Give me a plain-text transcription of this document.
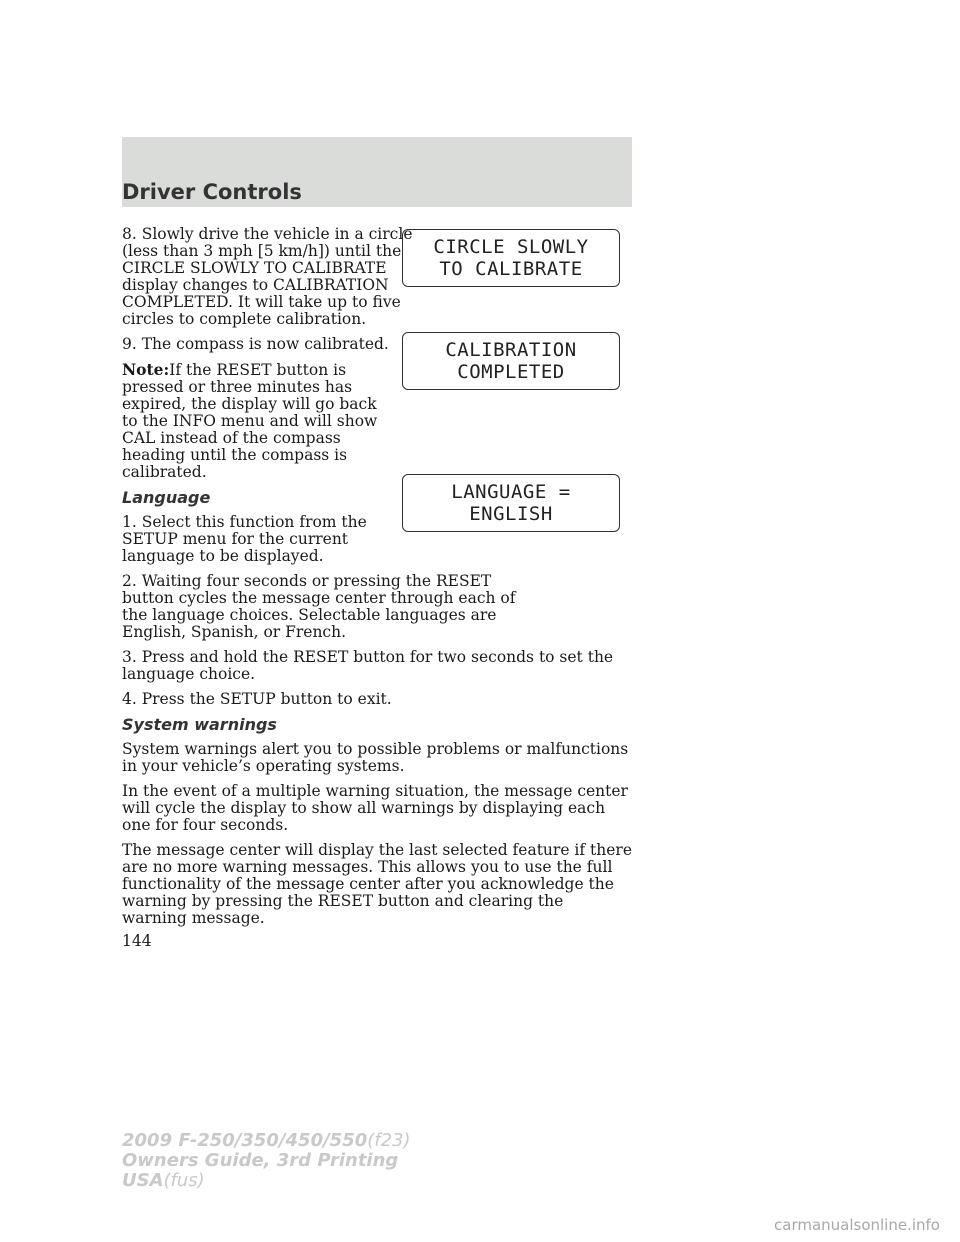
Driver Controls
CIRCLE SLOWLY
TO CALIBRATE
CALIBRATION
COMPLETED
LANGUAGE =
ENGLISH

8. Slowly drive the vehicle in a circle (less than 3 mph [5 km/h]) until the CIRCLE SLOWLY TO CALIBRATE display changes to CALIBRATION COMPLETED. It will take up to five circles to complete calibration.

9. The compass is now calibrated.

Note:If the RESET button is pressed or three minutes has expired, the display will go back to the INFO menu and will show CAL instead of the compass heading until the compass is calibrated.

Language

1. Select this function from the SETUP menu for the current language to be displayed.

2. Waiting four seconds or pressing the RESET button cycles the message center through each of the language choices. Selectable languages are English, Spanish, or French.

3. Press and hold the RESET button for two seconds to set the language choice.

4. Press the SETUP button to exit.

System warnings

System warnings alert you to possible problems or malfunctions in your vehicle’s operating systems.

In the event of a multiple warning situation, the message center will cycle the display to show all warnings by displaying each one for four seconds.

The message center will display the last selected feature if there are no more warning messages. This allows you to use the full functionality of the message center after you acknowledge the warning by pressing the RESET button and clearing the warning message.

144
2009 F-250/350/450/550(f23)
Owners Guide, 3rd Printing
USA(fus)
carmanualsonline.info
